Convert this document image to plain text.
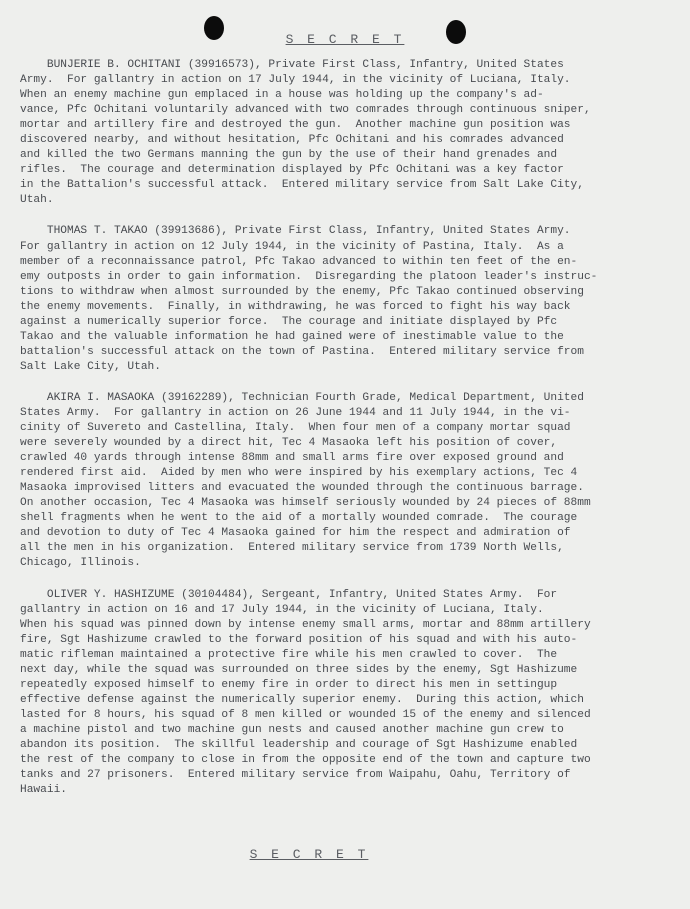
S E C R E T
BUNJERIE B. OCHITANI (39916573), Private First Class, Infantry, United States
Army.  For gallantry in action on 17 July 1944, in the vicinity of Luciana, Italy.
When an enemy machine gun emplaced in a house was holding up the company's ad-
vance, Pfc Ochitani voluntarily advanced with two comrades through continuous sniper,
mortar and artillery fire and destroyed the gun.  Another machine gun position was
discovered nearby, and without hesitation, Pfc Ochitani and his comrades advanced
and killed the two Germans manning the gun by the use of their hand grenades and
rifles.  The courage and determination displayed by Pfc Ochitani was a key factor
in the Battalion's successful attack.  Entered military service from Salt Lake City,
Utah.
THOMAS T. TAKAO (39913686), Private First Class, Infantry, United States Army.
For gallantry in action on 12 July 1944, in the vicinity of Pastina, Italy.  As a
member of a reconnaissance patrol, Pfc Takao advanced to within ten feet of the en-
emy outposts in order to gain information.  Disregarding the platoon leader's instruc-
tions to withdraw when almost surrounded by the enemy, Pfc Takao continued observing
the enemy movements.  Finally, in withdrawing, he was forced to fight his way back
against a numerically superior force.  The courage and initiate displayed by Pfc
Takao and the valuable information he had gained were of inestimable value to the
battalion's successful attack on the town of Pastina.  Entered military service from
Salt Lake City, Utah.
AKIRA I. MASAOKA (39162289), Technician Fourth Grade, Medical Department, United
States Army.  For gallantry in action on 26 June 1944 and 11 July 1944, in the vi-
cinity of Suvereto and Castellina, Italy.  When four men of a company mortar squad
were severely wounded by a direct hit, Tec 4 Masaoka left his position of cover,
crawled 40 yards through intense 88mm and small arms fire over exposed ground and
rendered first aid.  Aided by men who were inspired by his exemplary actions, Tec 4
Masaoka improvised litters and evacuated the wounded through the continuous barrage.
On another occasion, Tec 4 Masaoka was himself seriously wounded by 24 pieces of 88mm
shell fragments when he went to the aid of a mortally wounded comrade.  The courage
and devotion to duty of Tec 4 Masaoka gained for him the respect and admiration of
all the men in his organization.  Entered military service from 1739 North Wells,
Chicago, Illinois.
OLIVER Y. HASHIZUME (30104484), Sergeant, Infantry, United States Army.  For
gallantry in action on 16 and 17 July 1944, in the vicinity of Luciana, Italy.
When his squad was pinned down by intense enemy small arms, mortar and 88mm artillery
fire, Sgt Hashizume crawled to the forward position of his squad and with his auto-
matic rifleman maintained a protective fire while his men crawled to cover.  The
next day, while the squad was surrounded on three sides by the enemy, Sgt Hashizume
repeatedly exposed himself to enemy fire in order to direct his men in settingup
effective defense against the numerically superior enemy.  During this action, which
lasted for 8 hours, his squad of 8 men killed or wounded 15 of the enemy and silenced
a machine pistol and two machine gun nests and caused another machine gun crew to
abandon its position.  The skillful leadership and courage of Sgt Hashizume enabled
the rest of the company to close in from the opposite end of the town and capture two
tanks and 27 prisoners.  Entered military service from Waipahu, Oahu, Territory of
Hawaii.
S E C R E T
